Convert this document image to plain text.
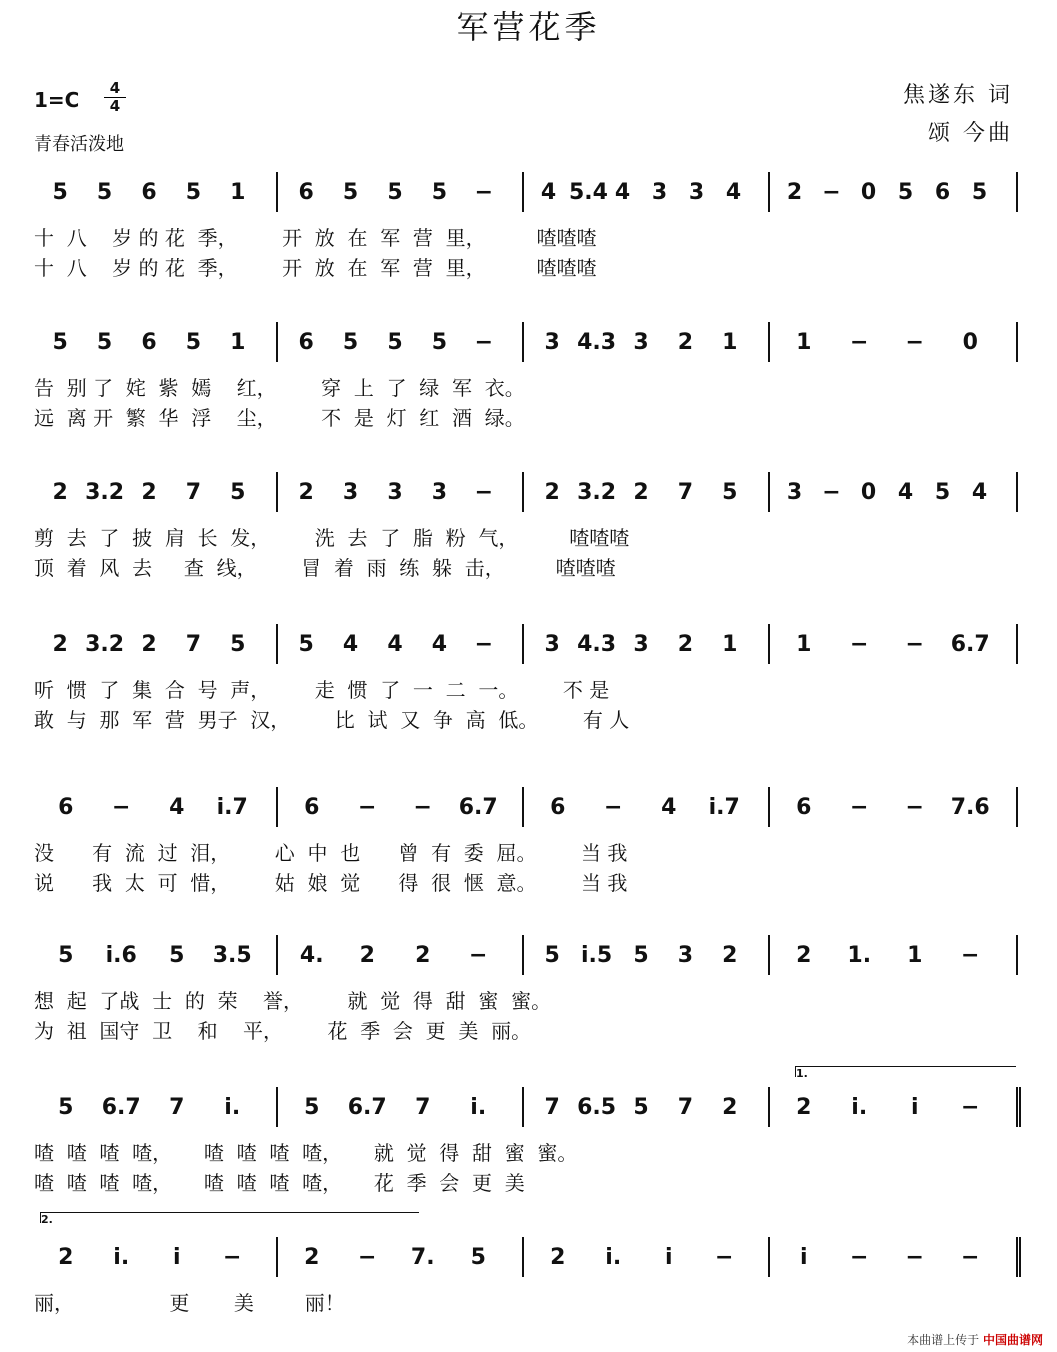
军营花季
1=C	4
4
青春活泼地
焦遂东 词
颂 今曲
5	5	6	5	1	6	5	5	5	−	4 5.4 4 3 3 4	2 − 0 5 6 5
十  八    岁 的 花  季，       开  放  在  军  营  里，        喳喳喳
十  八    岁 的 花  季，       开  放  在  军  营  里，        喳喳喳
5	5	6	5	1	6	5	5	5	−	3 4.3 3	2	1	1	−	−	0
告  别 了  姹  紫  嫣    红，       穿  上  了  绿  军  衣。
远  离 开  繁  华  浮    尘，       不  是  灯  红  酒  绿。
2 3.2 2	7	5	2	3	3	3	−	2 3.2 2	7	5	3 − 0 4 5 4
剪  去  了  披  肩  长  发，       洗  去  了  脂  粉  气，        喳喳喳
顶  着  风  去     查  线，       冒  着  雨  练  躲  击，        喳喳喳
2 3.2 2	7	5	5	4	4	4	−	3 4.3 3	2	1	1	−	−	6.7
听  惯  了  集  合  号  声，       走  惯  了  一  二  一。       不 是
敢  与  那  军  营  男子  汉，       比  试  又  争  高  低。       有 人
6	−	4	i.7	6	−	−	6.7	6	−	4	i.7	6	−	−	7.6
没      有  流  过  泪，       心  中  也      曾  有  委  屈。       当 我
说      我  太  可  惜，       姑  娘  觉      得  很  惬  意。       当 我
5	i.6	5	3.5	4.	2	2	−	5 i.5 5	3	2	2	1.	1	−
想  起  了战  士  的  荣    誉，       就  觉  得  甜  蜜  蜜。
为  祖  国守  卫    和    平，       花  季  会  更  美  丽。
5	6.7	7	i.	5	6.7	7	i.	7 6.5 5	7	2	2	i.	i	−
喳  喳  喳  喳，     喳  喳  喳  喳，     就  觉  得  甜  蜜  蜜。
喳  喳  喳  喳，     喳  喳  喳  喳，     花  季  会  更  美
2	i.	i	−	2	−	7.	5	2	i.	i	−	i	−	−	−
丽，               更       美        丽！
1.
2.
本曲谱上传于 中国曲谱网
